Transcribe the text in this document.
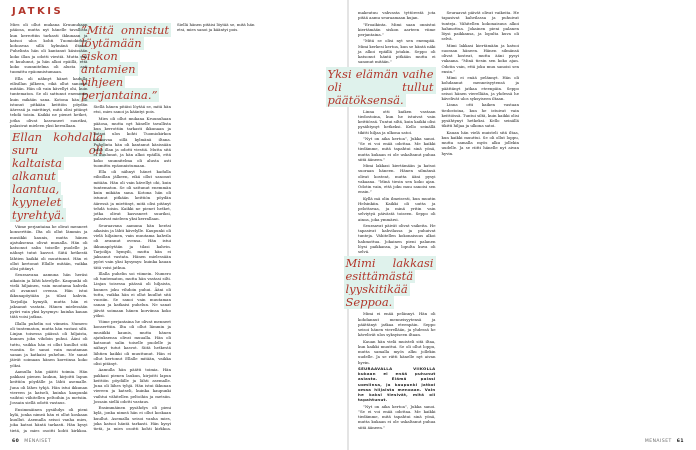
JATKIS

Mies oli ollut mukana Kruunuhaan pääosa, mutta nyt hänelle tavallista kun kerrottiin tarkasti ikkunaan ja katsoi ulos kohti Tuomiokirkon kohoavaa sillä kylmänä iltana. Puhelinta hän oli kantanut käsissään koko illan ja odotti viestiä. Mutta sitä ei kuulunut, ja hän alkoi epäillä, että koko suunnitelma oli alusta asti tuomittu epäonnistumaan.

Ella oli nähnyt hänet kadulla eilisillan jälkeen, eikä ollut sanonut mitään. Hän oli vain kävellyt ohi, kuin tuntematon. Se oli sattunut enemmän kuin mikään sana. Kotona hän oli istunut pitkään keittiön pöydän ääressä ja miettinyt, mitä olisi pitänyt tehdä toisin. Kaikki ne pienet hetket, jotka olivat kasvaneet suuriksi, palasivat mieleen yksi kerrallaan.

Ellan kohdalla suru oli kaltaista alkanut laantua, kyynelet tyrehtyä.

Viime perjantaina he olivat menneet konserttiin. Ilta oli ollut lämmin ja musiikki kaunis, mutta hänen ajatuksensa olivat muualla. Hän oli katsonut salin toiselle puolelle ja nähnyt tutut kasvot. Siitä hetkestä lähtien kaikki oli muuttunut. Hän ei ollut kertonut Ellalle mitään, vaikka olisi pitänyt.

Seuraavana aamuna hän heräsi aikaisin ja lähti kävelylle. Kaupunki oli vielä hiljainen, vain muutama kahvila oli avannut ovensa. Hän istui ikkunapöytään ja tilasi kahvin. Tarjoilija hymyili, mutta hän ei jaksanut vastata. Hänen mielessään pyöri vain yksi kysymys: kuinka kauan tätä voisi jatkua.

Illalla puhelin soi viimein. Numero oli tuntematon, mutta hän vastasi silti. Linjan toisessa päässä oli hiljaista, kunnes joku vihdoin puhui. Ääni oli tuttu, vaikka hän ei ollut kuullut sitä vuosiin. Se sanoi vain muutaman sanan ja katkaisi puhelun. Ne sanat jäivät soimaan hänen korviinsa koko yöksi.

Aamulla hän päätti toimia. Hän pakkasi pienen laukun, kirjoitti lapun keittiön pöydälle ja lähti asemalle. Juna oli lähes tyhjä. Hän istui ikkunan viereen ja katseli, kuinka kaupunki vaihtui vähitellen peltoihin ja metsiin. Jossain siellä odotti vastaus.

”Mitä onnistut löytämään siskon antamien vihjeen perjantaina.”

Ensimmäinen pysähdys oli pieni kylä, jonka nimeä hän ei ollut koskaan kuullut. Asemalla seisoi vanha mies, joka katsoi häntä tarkasti. Hän kysyi tietä, ja mies osoitti kohti kirkkoa. Siellä hänen pitäisi löytää se, mitä hän etsi, mies sanoi ja kääntyi pois.

Mies oli ollut mukana Kruunuhaan pääosa, mutta nyt hänelle tavallista kun kerrottiin tarkasti ikkunaan ja katsoi ulos kohti Tuomiokirkon kohoavaa sillä kylmänä iltana. Puhelinta hän oli kantanut käsissään koko illan ja odotti viestiä. Mutta sitä ei kuulunut, ja hän alkoi epäillä, että koko suunnitelma oli alusta asti tuomittu epäonnistumaan.

Ella oli nähnyt hänet kadulla eilisillan jälkeen, eikä ollut sanonut mitään. Hän oli vain kävellyt ohi, kuin tuntematon. Se oli sattunut enemmän kuin mikään sana. Kotona hän oli istunut pitkään keittiön pöydän ääressä ja miettinyt, mitä olisi pitänyt tehdä toisin. Kaikki ne pienet hetket, jotka olivat kasvaneet suuriksi, palasivat mieleen yksi kerrallaan.

Seuraavana aamuna hän heräsi aikaisin ja lähti kävelylle. Kaupunki oli vielä hiljainen, vain muutama kahvila oli avannut ovensa. Hän istui ikkunapöytään ja tilasi kahvin. Tarjoilija hymyili, mutta hän ei jaksanut vastata. Hänen mielessään pyöri vain yksi kysymys: kuinka kauan tätä voisi jatkua.

Illalla puhelin soi viimein. Numero oli tuntematon, mutta hän vastasi silti. Linjan toisessa päässä oli hiljaista, kunnes joku vihdoin puhui. Ääni oli tuttu, vaikka hän ei ollut kuullut sitä vuosiin. Se sanoi vain muutaman sanan ja katkaisi puhelun. Ne sanat jäivät soimaan hänen korviinsa koko yöksi.

Viime perjantaina he olivat menneet konserttiin. Ilta oli ollut lämmin ja musiikki kaunis, mutta hänen ajatuksensa olivat muualla. Hän oli katsonut salin toiselle puolelle ja nähnyt tutut kasvot. Siitä hetkestä lähtien kaikki oli muuttunut. Hän ei ollut kertonut Ellalle mitään, vaikka olisi pitänyt.

Aamulla hän päätti toimia. Hän pakkasi pienen laukun, kirjoitti lapun keittiön pöydälle ja lähti asemalle. Juna oli lähes tyhjä. Hän istui ikkunan viereen ja katseli, kuinka kaupunki vaihtui vähitellen peltoihin ja metsiin. Jossain siellä odotti vastaus.

Ensimmäinen pysähdys oli pieni kylä, jonka nimeä hän ei ollut koskaan kuullut. Asemalla seisoi vanha mies, joka katsoi häntä tarkasti. Hän kysyi tietä, ja mies osoitti kohti kirkkoa. Siellä hänen pitäisi löytää se, mitä hän etsi, mies sanoi ja kääntyi pois.

60 MENAISET

makeutuu vahvasta tyttörestä jota pitää aamu seuraamaan kujan.

”Eroaikinta. Mimi saan onnistui kiertämään siskon aarteen viime perjantaina.”

”Mitä se olisi nyt sen enempää. Mimi kerkesi kertoa, kun se häntä näki ja alkoi epäillä jotakin. Seppo oli katsonut häntä pitkään mutta ei sanonut mitään.”

Yksi elämän vaihe oli tullut päätöksensä.

Linna otti kaiken vastaan tiedostoina, kun he istuivat vain keittiössä. Tuntui siltä, kuin kaikki olisi pysähtynyt hetkeksi. Kello seinällä tikitti hiljaa ja ulkona satoi.

”Nyt on aika kertoa”, Jukka sanoi. ”Se ei voi enää odottaa. Me kaikki tiedämme, mitä tapahtui sinä yönä, mutta kukaan ei ole uskaltanut puhua siitä ääneen.”

Mimi lakkasi kiertämään ja katsoi suoraan häneen. Hänen silmänsä olivat kosteat, mutta ääni pysyi vakaana. ”Minä tiesin sen koko ajan. Odotin vain, että joku muu sanoisi sen ensin.”

Kyllä mä olin ilmeisesti, kun muutin Helsinkiin. Kaikki oli uutta ja pelottavaa, ja minä yritin vain selviytyä päivästä toiseen. Seppo oli ainoa, joka ymmärsi.

Seuraavat päivät olivat vaikeita. He tapasivat kahvilassa ja puhuivat tunteja. Vähitellen kokonaisuus alkoi hahmottua. Jokainen pieni palanen löysi paikkansa, ja lopulta kuva oli selvä.

Mimi lakkasi esittämästä lyyskitikää Seppoa.

Mimi ei enää pelännyt. Hän oli kohdannut menneisyytensä ja päättänyt jatkaa eteenpäin. Seppo seisoi hänen vierellään, ja yhdessä he kävelivät ulos syksyiseen iltaan.

Kauan hän vielä muisteli sitä iltaa, kun kaikki muuttui. Se oli ollut loppu, mutta samalla myös alku jollekin uudelle. Ja se riitti hänelle nyt aivan hyvin.

SEURAAVALLA VIIKOLLA kukaan ei enää puhunut asiasta. Elämä palasi uomiinsa, ja kaupunki jatkoi omaa hiljaista menoaan. Vain he kaksi tiesivät, mitä oli tapahtunut.

”Nyt on aika kertoa”, Jukka sanoi. ”Se ei voi enää odottaa. Me kaikki tiedämme, mitä tapahtui sinä yönä, mutta kukaan ei ole uskaltanut puhua siitä ääneen.”

Seuraavat päivät olivat vaikeita. He tapasivat kahvilassa ja puhuivat tunteja. Vähitellen kokonaisuus alkoi hahmottua. Jokainen pieni palanen löysi paikkansa, ja lopulta kuva oli selvä.

Mimi lakkasi kiertämään ja katsoi suoraan häneen. Hänen silmänsä olivat kosteat, mutta ääni pysyi vakaana. ”Minä tiesin sen koko ajan. Odotin vain, että joku muu sanoisi sen ensin.”

Mimi ei enää pelännyt. Hän oli kohdannut menneisyytensä ja päättänyt jatkaa eteenpäin. Seppo seisoi hänen vierellään, ja yhdessä he kävelivät ulos syksyiseen iltaan.

Linna otti kaiken vastaan tiedostoina, kun he istuivat vain keittiössä. Tuntui siltä, kuin kaikki olisi pysähtynyt hetkeksi. Kello seinällä tikitti hiljaa ja ulkona satoi.

Kauan hän vielä muisteli sitä iltaa, kun kaikki muuttui. Se oli ollut loppu, mutta samalla myös alku jollekin uudelle. Ja se riitti hänelle nyt aivan hyvin.

MENAISET 61
